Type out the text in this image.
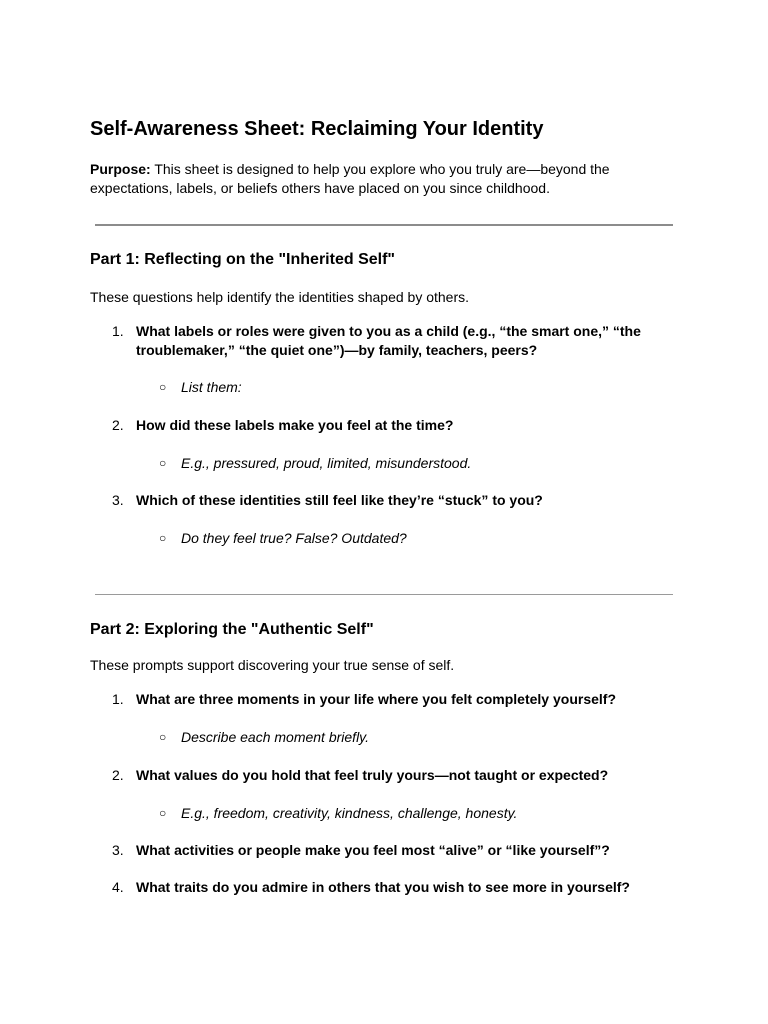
Self-Awareness Sheet: Reclaiming Your Identity

Purpose: This sheet is designed to help you explore who you truly are—beyond the expectations, labels, or beliefs others have placed on you since childhood.

Part 1: Reflecting on the "Inherited Self"

These questions help identify the identities shaped by others.

1. What labels or roles were given to you as a child (e.g., “the smart one,” “the troublemaker,” “the quiet one”)—by family, teachers, peers?

○ List them:

2. How did these labels make you feel at the time?

○ E.g., pressured, proud, limited, misunderstood.

3. Which of these identities still feel like they’re “stuck” to you?

○ Do they feel true? False? Outdated?

Part 2: Exploring the "Authentic Self"

These prompts support discovering your true sense of self.

1. What are three moments in your life where you felt completely yourself?

○ Describe each moment briefly.

2. What values do you hold that feel truly yours—not taught or expected?

○ E.g., freedom, creativity, kindness, challenge, honesty.

3. What activities or people make you feel most “alive” or “like yourself”?

4. What traits do you admire in others that you wish to see more in yourself?
